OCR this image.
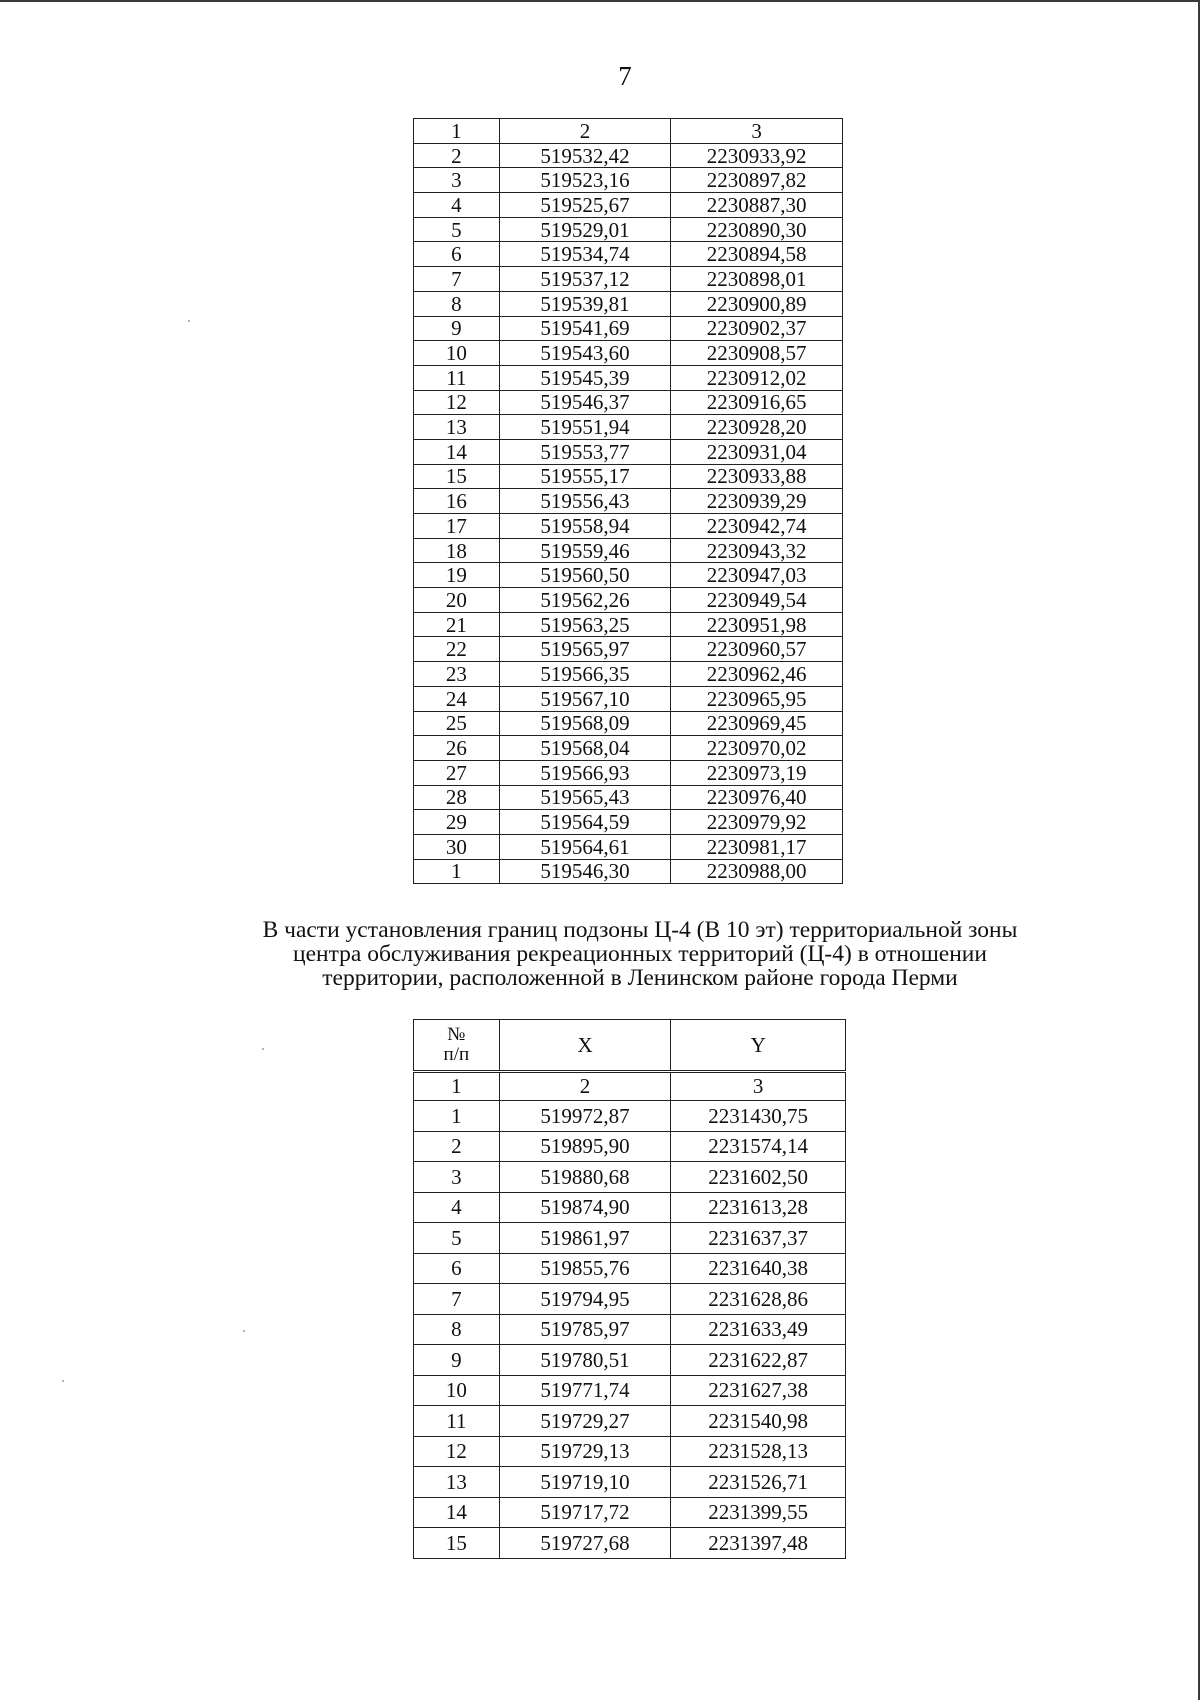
7
1	2	3
2	519532,42	2230933,92
3	519523,16	2230897,82
4	519525,67	2230887,30
5	519529,01	2230890,30
6	519534,74	2230894,58
7	519537,12	2230898,01
8	519539,81	2230900,89
9	519541,69	2230902,37
10	519543,60	2230908,57
11	519545,39	2230912,02
12	519546,37	2230916,65
13	519551,94	2230928,20
14	519553,77	2230931,04
15	519555,17	2230933,88
16	519556,43	2230939,29
17	519558,94	2230942,74
18	519559,46	2230943,32
19	519560,50	2230947,03
20	519562,26	2230949,54
21	519563,25	2230951,98
22	519565,97	2230960,57
23	519566,35	2230962,46
24	519567,10	2230965,95
25	519568,09	2230969,45
26	519568,04	2230970,02
27	519566,93	2230973,19
28	519565,43	2230976,40
29	519564,59	2230979,92
30	519564,61	2230981,17
1	519546,30	2230988,00
В части установления границ подзоны Ц-4 (В 10 эт) территориальной зоны
центра обслуживания рекреационных территорий (Ц-4) в отношении
территории, расположенной в Ленинском районе города Перми
№
п/п	X	Y
1	2	3
1	519972,87	2231430,75
2	519895,90	2231574,14
3	519880,68	2231602,50
4	519874,90	2231613,28
5	519861,97	2231637,37
6	519855,76	2231640,38
7	519794,95	2231628,86
8	519785,97	2231633,49
9	519780,51	2231622,87
10	519771,74	2231627,38
11	519729,27	2231540,98
12	519729,13	2231528,13
13	519719,10	2231526,71
14	519717,72	2231399,55
15	519727,68	2231397,48
